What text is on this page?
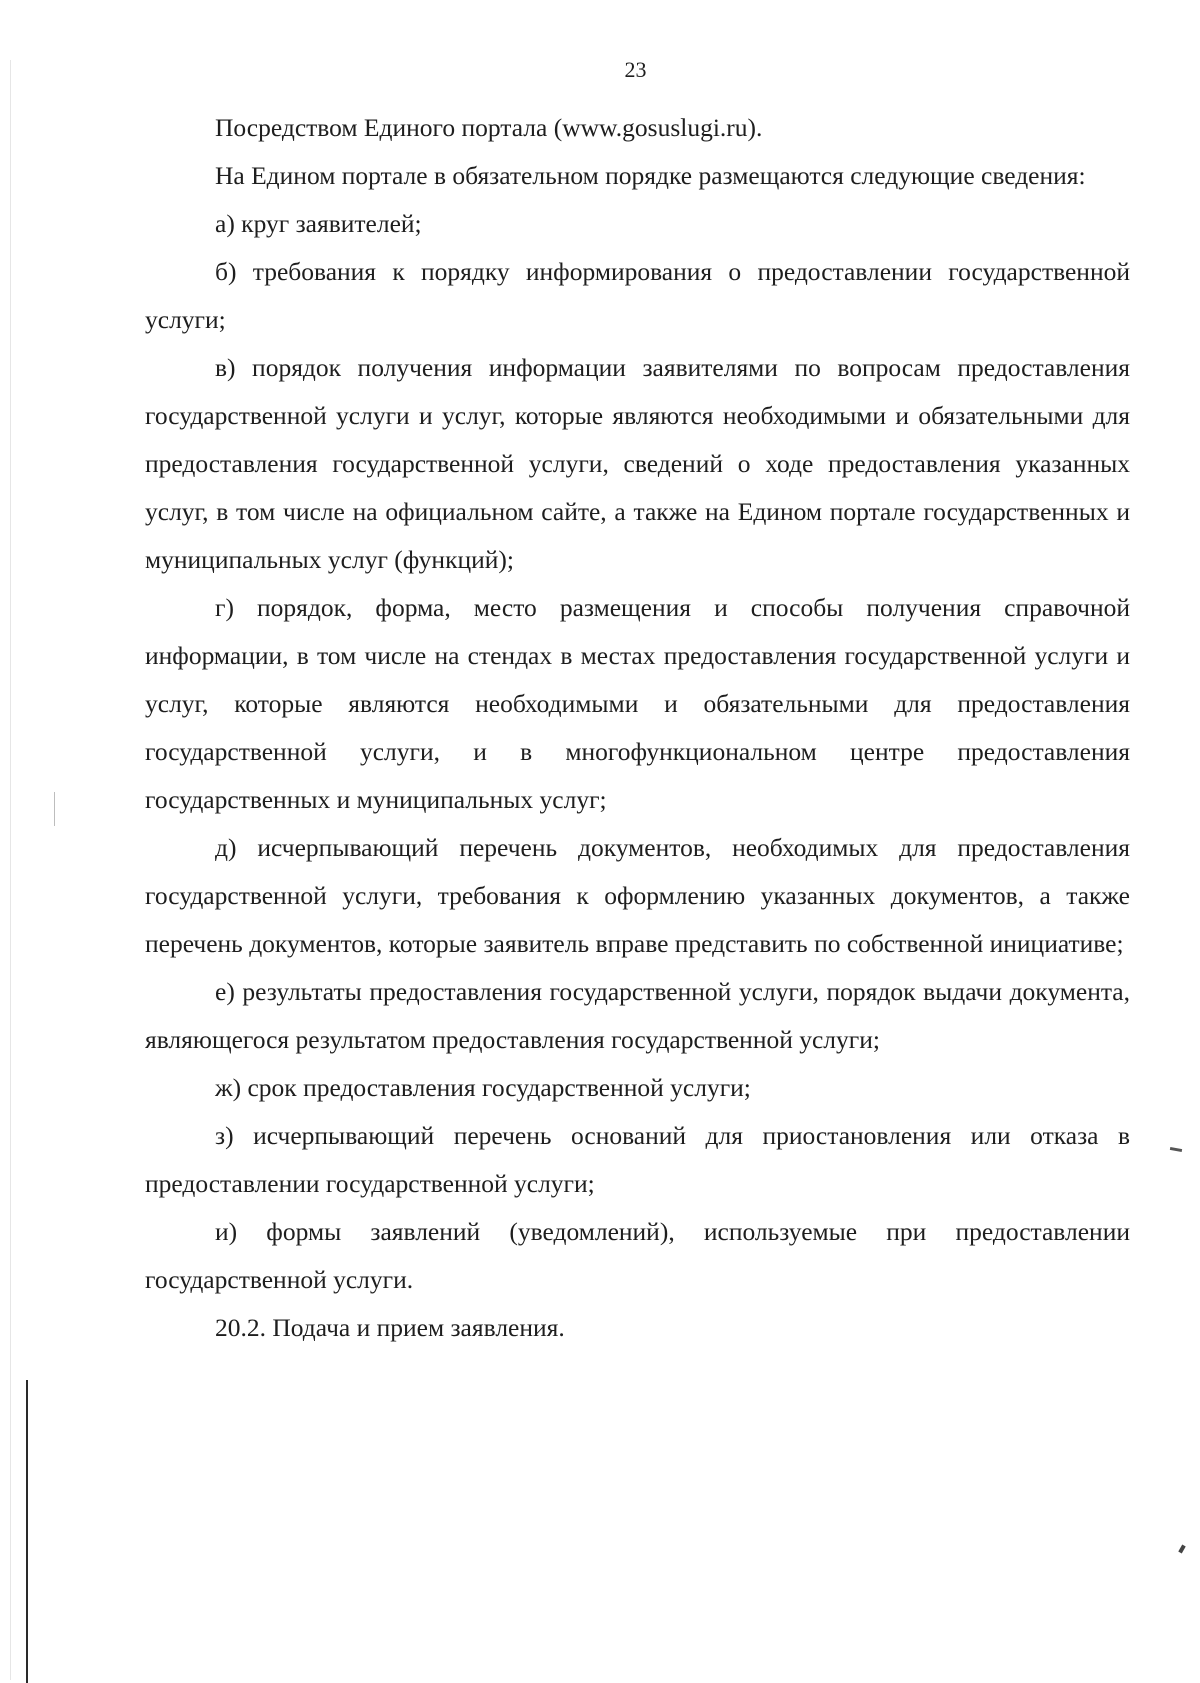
23

Посредством Единого портала (www.gosuslugi.ru).

На Едином портале в обязательном порядке размещаются следующие сведения:

а) круг заявителей;

б) требования к порядку информирования о предоставлении государственной услуги;

в) порядок получения информации заявителями по вопросам предоставления государственной услуги и услуг, которые являются необходимыми и обязательными для предоставления государственной услуги, сведений о ходе предоставления указанных услуг, в том числе на официальном сайте, а также на Едином портале государственных и муниципальных услуг (функций);

г) порядок, форма, место размещения и способы получения справочной информации, в том числе на стендах в местах предоставления государственной услуги и услуг, которые являются необходимыми и обязательными для предоставления государственной услуги, и в многофункциональном центре предоставления государственных и муниципальных услуг;

д) исчерпывающий перечень документов, необходимых для предоставления государственной услуги, требования к оформлению указанных документов, а также перечень документов, которые заявитель вправе представить по собственной инициативе;

е) результаты предоставления государственной услуги, порядок выдачи документа, являющегося результатом предоставления государственной услуги;

ж) срок предоставления государственной услуги;

з) исчерпывающий перечень оснований для приостановления или отказа в предоставлении государственной услуги;

и) формы заявлений (уведомлений), используемые при предоставлении государственной услуги.

20.2. Подача и прием заявления.
